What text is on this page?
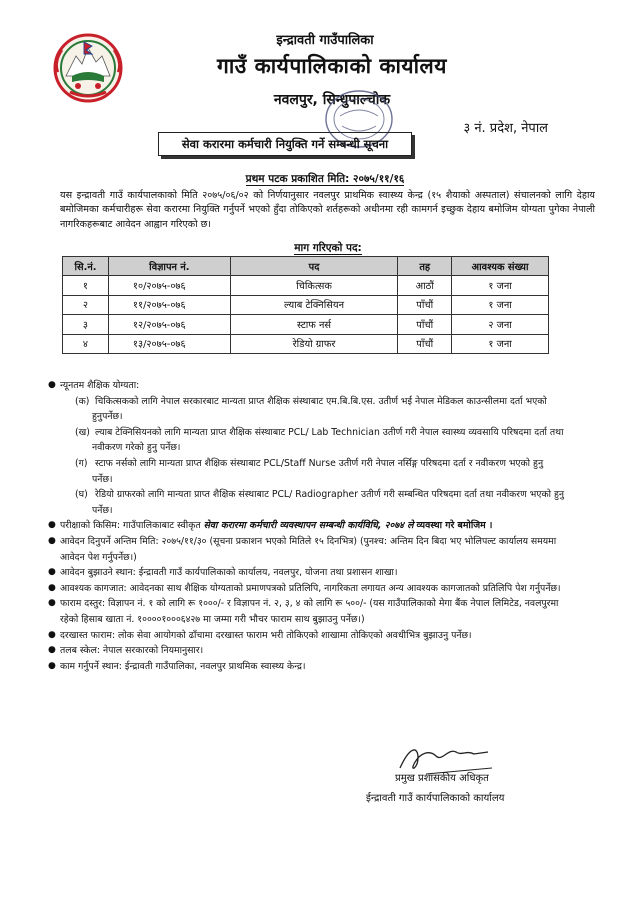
इन्द्रावती गाउँपालिका
गाउँ कार्यपालिकाको कार्यालय
नवलपुर, सिन्धुपाल्चोक
३ नं. प्रदेश, नेपाल
सेवा करारमा कर्मचारी नियुक्ति गर्ने सम्बन्धी सूचना
प्रथम पटक प्रकाशित मिति: २०७५/११/१६
यस इन्द्रावती गाउँ कार्यपालकाको मिति २०७५/०६/०२ को निर्णयानुसार नवलपुर प्राथमिक स्वास्थ्य केन्द्र (१५ शैयाको अस्पताल) संचालनको लागि देहाय बमोजिमका कर्मचारीहरू सेवा करारमा नियुक्ति गर्नुपर्ने भएको हुँदा तोकिएको शर्तहरूको अधीनमा रही कामगर्न इच्छुक देहाय बमोजिम योग्यता पुगेका नेपाली नागरिकहरूबाट आवेदन आह्वान गरिएको छ।
माग गरिएको पद:
सि.नं.	विज्ञापन नं.	पद	तह	आवश्यक संख्या
१	१०/२०७५-०७६	चिकित्सक	आठौं	१ जना
२	११/२०७५-०७६	ल्याब टेक्निसियन	पाँचौं	१ जना
३	१२/२०७५-०७६	स्टाफ नर्स	पाँचौं	२ जना
४	१३/२०७५-०७६	रेडियो ग्राफर	पाँचौं	१ जना
● न्यूनतम शैक्षिक योग्यता:
(क) चिकित्सकको लागि नेपाल सरकारबाट मान्यता प्राप्त शैक्षिक संस्थाबाट एम.बि.बि.एस. उतीर्ण भई नेपाल मेडिकल काउन्सीलमा दर्ता भएको हुनुपर्नेछ।
(ख) ल्याब टेक्निसियनको लागि मान्यता प्राप्त शैक्षिक संस्थाबाट PCL/ Lab Technician उतीर्ण गरी नेपाल स्वास्थ्य व्यवसायि परिषदमा दर्ता तथा नवीकरण गरेको हुनु पर्नेछ।
(ग) स्टाफ नर्सको लागि मान्यता प्राप्त शैक्षिक संस्थाबाट PCL/Staff Nurse उतीर्ण गरी नेपाल नर्सिङ्ग परिषदमा दर्ता र नवीकरण भएको हुनु पर्नेछ।
(घ) रेडियो ग्राफरको लागि मान्यता प्राप्त शैक्षिक संस्थाबाट PCL/ Radiographer उतीर्ण गरी सम्बन्धित परिषदमा दर्ता तथा नवीकरण भएको हुनु पर्नेछ।
● परीक्षाको किसिम: गाउँपालिकाबाट स्वीकृत सेवा करारमा कर्मचारी व्यवस्थापन सम्बन्धी कार्यविधि, २०७४ ले व्यवस्था गरे बमोजिम ।
● आवेदन दिनुपर्ने अन्तिम मिति: २०७५/११/३० (सूचना प्रकाशन भएको मितिले १५ दिनभित्र) (पुनश्च: अन्तिम दिन बिदा भए भोलिपल्ट कार्यालय समयमा आवेदन पेश गर्नुपर्नेछ।)
● आवेदन बुझाउने स्थान: ईन्द्रावती गाउँ कार्यपालिकाको कार्यालय, नवलपुर, योजना तथा प्रशासन शाखा।
● आवश्यक कागजात: आवेदनका साथ शैक्षिक योग्यताको प्रमाणपत्रको प्रतिलिपि, नागरिकता लगायत अन्य आवश्यक कागजातको प्रतिलिपि पेश गर्नुपर्नेछ।
● फाराम दस्तुर: विज्ञापन नं. १ को लागि रू १०००/- र विज्ञापन नं. २, ३, ४ को लागि रू ५००/- (यस गाउँपालिकाको मेगा बैंक नेपाल लिमिटेड, नवलपुरमा रहेको हिसाब खाता नं. १००००१०००६४२७ मा जम्मा गरी भौचर फाराम साथ बुझाउनु पर्नेछ।)
● दरखास्त फाराम: लोक सेवा आयोगको ढाँचामा दरखास्त फाराम भरी तोकिएको शाखामा तोकिएको अवधीभित्र बुझाउनु पर्नेछ।
● तलब स्केल: नेपाल सरकारको नियमानुसार।
● काम गर्नुपर्ने स्थान: ईन्द्रावती गाउँपालिका, नवलपुर प्राथमिक स्वास्थ्य केन्द्र।
प्रमुख प्रशासकीय अधिकृत
ईन्द्रावती गाउँ कार्यपालिकाको कार्यालय
